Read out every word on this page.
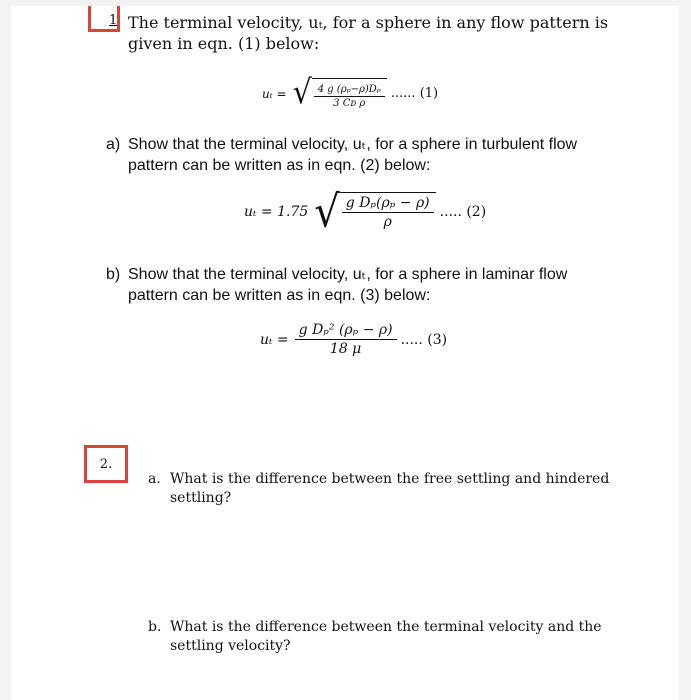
1 The terminal velocity, uₜ, for a sphere in any flow pattern is given in eqn. (1) below:
uₜ = √ $\frac{\text{4 g (ρₚ−ρ)Dₚ}}{\text{3 Cᴅ ρ}}$ ...... (1)
a) Show that the terminal velocity, uₜ, for a sphere in turbulent flow pattern can be written as in eqn. (2) below:
uₜ = 1.75 √ $\frac{\text{g Dₚ(ρₚ − ρ)}}{\rho}$ ..... (2)
b) Show that the terminal velocity, uₜ, for a sphere in laminar flow pattern can be written as in eqn. (3) below:
$u_t = \frac{\text{g Dₚ² (ρₚ − ρ)}}{18 \mu}$ ..... (3)
2.
a. What is the difference between the free settling and hindered settling?
b. What is the difference between the terminal velocity and the settling velocity?
